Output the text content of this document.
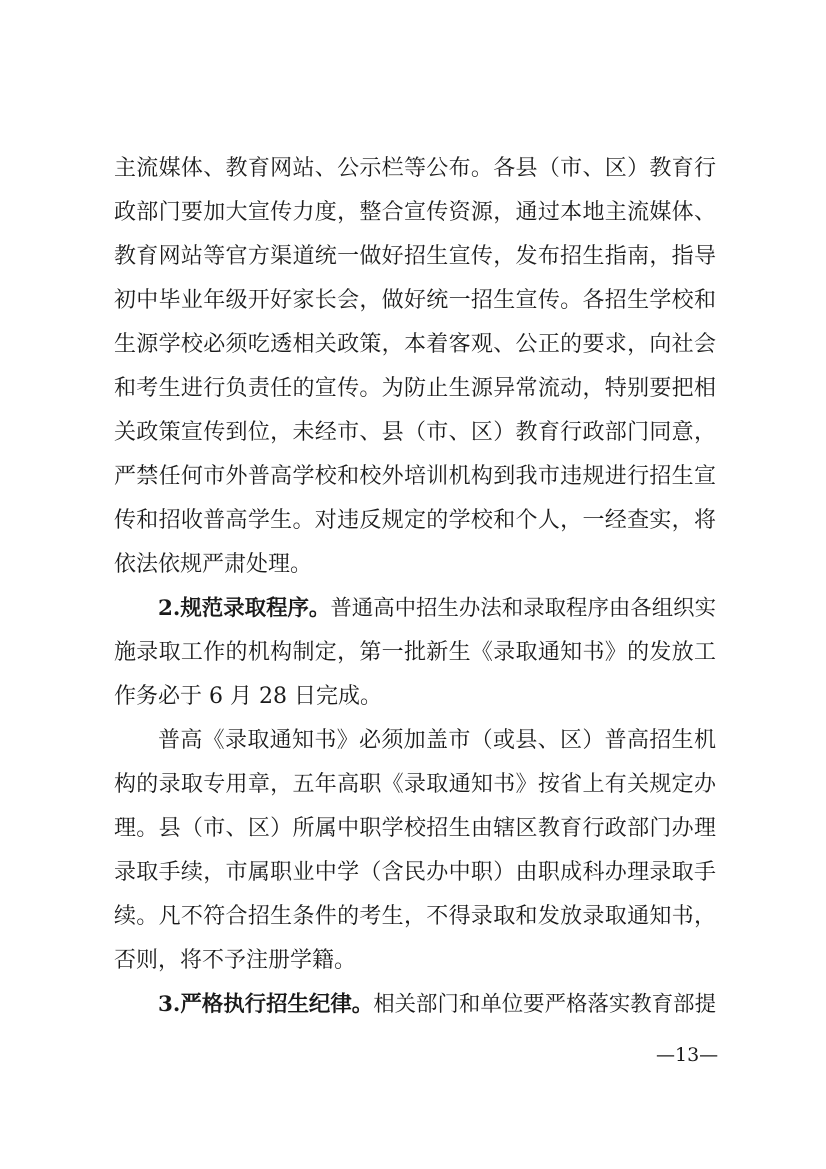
主流媒体、教育网站、公示栏等公布。各县（市、区）教育行
政部门要加大宣传力度，整合宣传资源，通过本地主流媒体、
教育网站等官方渠道统一做好招生宣传，发布招生指南，指导
初中毕业年级开好家长会，做好统一招生宣传。各招生学校和
生源学校必须吃透相关政策，本着客观、公正的要求，向社会
和考生进行负责任的宣传。为防止生源异常流动，特别要把相
关政策宣传到位，未经市、县（市、区）教育行政部门同意，
严禁任何市外普高学校和校外培训机构到我市违规进行招生宣
传和招收普高学生。对违反规定的学校和个人，一经查实，将
依法依规严肃处理。
2.规范录取程序。普通高中招生办法和录取程序由各组织实
施录取工作的机构制定，第一批新生《录取通知书》的发放工
作务必于 6 月 28 日完成。
普高《录取通知书》必须加盖市（或县、区）普高招生机
构的录取专用章，五年高职《录取通知书》按省上有关规定办
理。县（市、区）所属中职学校招生由辖区教育行政部门办理
录取手续，市属职业中学（含民办中职）由职成科办理录取手
续。凡不符合招生条件的考生，不得录取和发放录取通知书，
否则，将不予注册学籍。
3.严格执行招生纪律。相关部门和单位要严格落实教育部提
—13—
